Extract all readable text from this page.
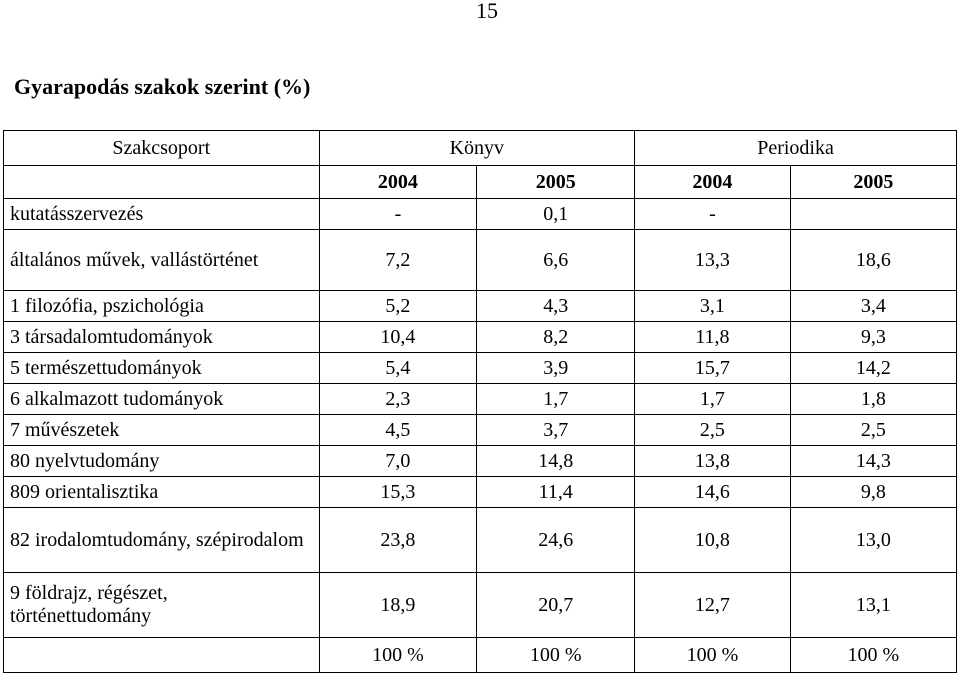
15
Gyarapodás szakok szerint (%)
Szakcsoport	Könyv		Periodika	
	2004	2005	2004	2005
kutatásszervezés	-	0,1	-	
általános művek, vallástörténet	7,2	6,6	13,3	18,6
1 filozófia, pszichológia	5,2	4,3	3,1	3,4
3 társadalomtudományok	10,4	8,2	11,8	9,3
5 természettudományok	5,4	3,9	15,7	14,2
6 alkalmazott tudományok	2,3	1,7	1,7	1,8
7 művészetek	4,5	3,7	2,5	2,5
80 nyelvtudomány	7,0	14,8	13,8	14,3
809 orientalisztika	15,3	11,4	14,6	9,8
82 irodalomtudomány, szépirodalom	23,8	24,6	10,8	13,0
9 földrajz, régészet, történettudomány	18,9	20,7	12,7	13,1
	100 %	100 %	100 %	100 %
